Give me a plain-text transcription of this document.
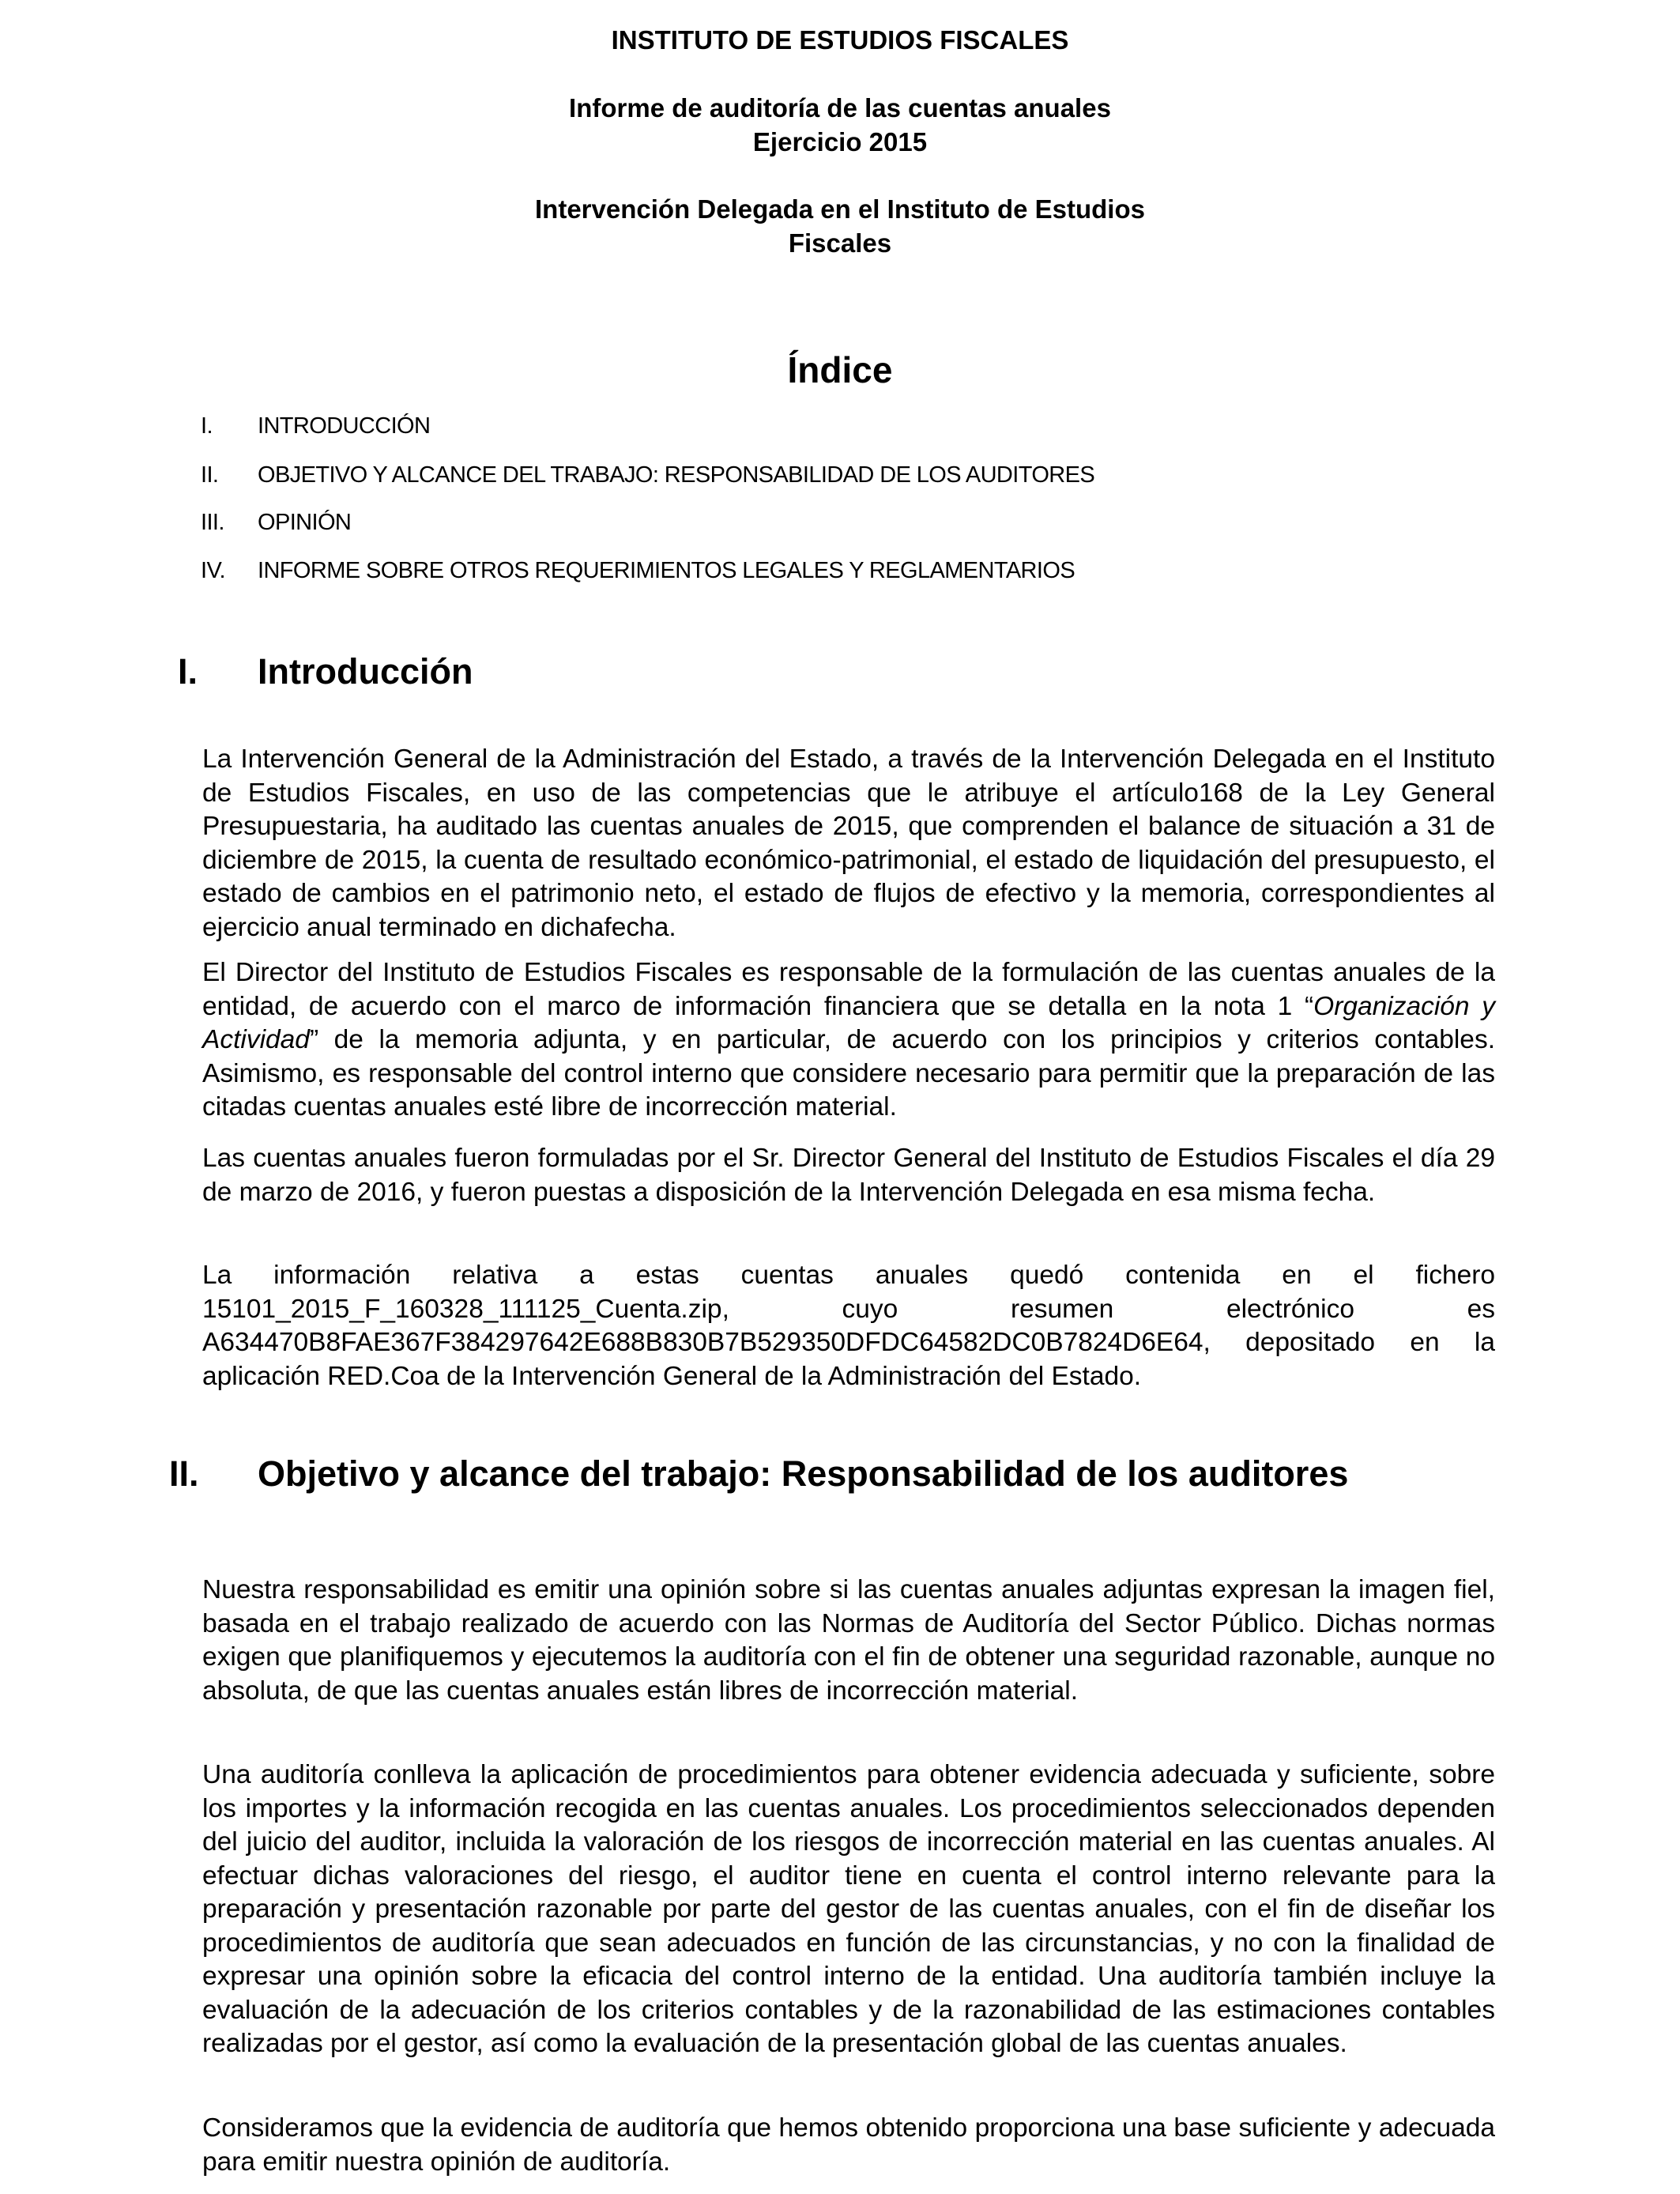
INSTITUTO DE ESTUDIOS FISCALES
Informe de auditoría de las cuentas anuales
Ejercicio 2015
Intervención Delegada en el Instituto de Estudios
Fiscales
Índice
I. INTRODUCCIÓN
II. OBJETIVO Y ALCANCE DEL TRABAJO: RESPONSABILIDAD DE LOS AUDITORES
III. OPINIÓN
IV. INFORME SOBRE OTROS REQUERIMIENTOS LEGALES Y REGLAMENTARIOS
I. Introducción
La Intervención General de la Administración del Estado, a través de la Intervención Delegada en el Instituto de Estudios Fiscales, en uso de las competencias que le atribuye el artículo168 de la Ley General Presupuestaria, ha auditado las cuentas anuales de 2015, que comprenden el balance de situación a 31 de diciembre de 2015, la cuenta de resultado económico-patrimonial, el estado de liquidación del presupuesto, el estado de cambios en el patrimonio neto, el estado de flujos de efectivo y la memoria, correspondientes al ejercicio anual terminado en dichafecha.
El Director del Instituto de Estudios Fiscales es responsable de la formulación de las cuentas anuales de la entidad, de acuerdo con el marco de información financiera que se detalla en la nota 1 “Organización y Actividad” de la memoria adjunta, y en particular, de acuerdo con los principios y criterios contables. Asimismo, es responsable del control interno que considere necesario para permitir que la preparación de las citadas cuentas anuales esté libre de incorrección material.
Las cuentas anuales fueron formuladas por el Sr. Director General del Instituto de Estudios Fiscales el día 29 de marzo de 2016, y fueron puestas a disposición de la Intervención Delegada en esa misma fecha.
La información relativa a estas cuentas anuales quedó contenida en el fichero 15101_2015_F_160328_111125_Cuenta.zip, cuyo resumen electrónico es A634470B8FAE367F384297642E688B830B7B529350DFDC64582DC0B7824D6E64, depositado en la aplicación RED.Coa de la Intervención General de la Administración del Estado.
II. Objetivo y alcance del trabajo: Responsabilidad de los auditores
Nuestra responsabilidad es emitir una opinión sobre si las cuentas anuales adjuntas expresan la imagen fiel, basada en el trabajo realizado de acuerdo con las Normas de Auditoría del Sector Público. Dichas normas exigen que planifiquemos y ejecutemos la auditoría con el fin de obtener una seguridad razonable, aunque no absoluta, de que las cuentas anuales están libres de incorrección material.
Una auditoría conlleva la aplicación de procedimientos para obtener evidencia adecuada y suficiente, sobre los importes y la información recogida en las cuentas anuales. Los procedimientos seleccionados dependen del juicio del auditor, incluida la valoración de los riesgos de incorrección material en las cuentas anuales. Al efectuar dichas valoraciones del riesgo, el auditor tiene en cuenta el control interno relevante para la preparación y presentación razonable por parte del gestor de las cuentas anuales, con el fin de diseñar los procedimientos de auditoría que sean adecuados en función de las circunstancias, y no con la finalidad de expresar una opinión sobre la eficacia del control interno de la entidad. Una auditoría también incluye la evaluación de la adecuación de los criterios contables y de la razonabilidad de las estimaciones contables realizadas por el gestor, así como la evaluación de la presentación global de las cuentas anuales.
Consideramos que la evidencia de auditoría que hemos obtenido proporciona una base suficiente y adecuada para emitir nuestra opinión de auditoría.
